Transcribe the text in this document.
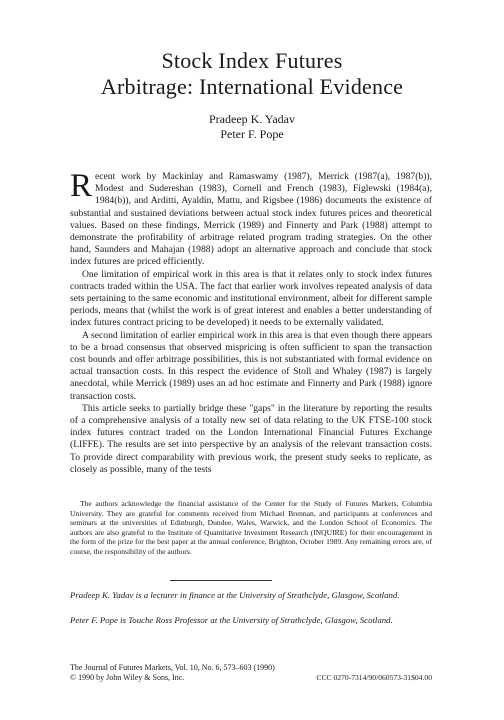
Stock Index Futures
Arbitrage: International Evidence
Pradeep K. Yadav
Peter F. Pope

Recent work by Mackinlay and Ramaswamy (1987), Merrick (1987(a), 1987(b)), Modest and Sudereshan (1983), Cornell and French (1983), Figlewski (1984(a), 1984(b)), and Arditti, Ayaldin, Mattu, and Rigsbee (1986) documents the existence of substantial and sustained deviations between actual stock index futures prices and theoretical values. Based on these findings, Merrick (1989) and Finnerty and Park (1988) attempt to demonstrate the profitability of arbitrage related program trading strategies. On the other hand, Saunders and Mahajan (1988) adopt an alternative approach and conclude that stock index futures are priced efficiently.

One limitation of empirical work in this area is that it relates only to stock index futures contracts traded within the USA. The fact that earlier work involves repeated analysis of data sets pertaining to the same economic and institutional environment, albeit for different sample periods, means that (whilst the work is of great interest and enables a better understanding of index futures contract pricing to be developed) it needs to be externally validated.

A second limitation of earlier empirical work in this area is that even though there appears to be a broad consensus that observed mispricing is often sufficient to span the transaction cost bounds and offer arbitrage possibilities, this is not substantiated with formal evidence on actual transaction costs. In this respect the evidence of Stoll and Whaley (1987) is largely anecdotal, while Merrick (1989) uses an ad hoc estimate and Finnerty and Park (1988) ignore transaction costs.

This article seeks to partially bridge these "gaps" in the literature by reporting the results of a comprehensive analysis of a totally new set of data relating to the UK FTSE-100 stock index futures contract traded on the London International Financial Futures Exchange (LIFFE). The results are set into perspective by an analysis of the relevant transaction costs. To provide direct comparability with previous work, the present study seeks to replicate, as closely as possible, many of the tests

The authors acknowledge the financial assistance of the Center for the Study of Futures Markets, Columbia University. They are grateful for comments received from Michael Brennan, and participants at conferences and seminars at the universities of Edinburgh, Dundee, Wales, Warwick, and the London School of Economics. The authors are also grateful to the Institute of Quantitative Investment Research (INQUIRE) for their encouragement in the form of the prize for the best paper at the annual conference, Brighton, October 1989. Any remaining errors are, of course, the responsibility of the authors.

Pradeep K. Yadav is a lecturer in finance at the University of Strathclyde, Glasgow, Scotland.
Peter F. Pope is Touche Ross Professor at the University of Strathclyde, Glasgow, Scotland.
The Journal of Futures Markets, Vol. 10, No. 6, 573–603 (1990)
© 1990 by John Wiley & Sons, Inc.	CCC 0270-7314/90/060573-31$04.00
